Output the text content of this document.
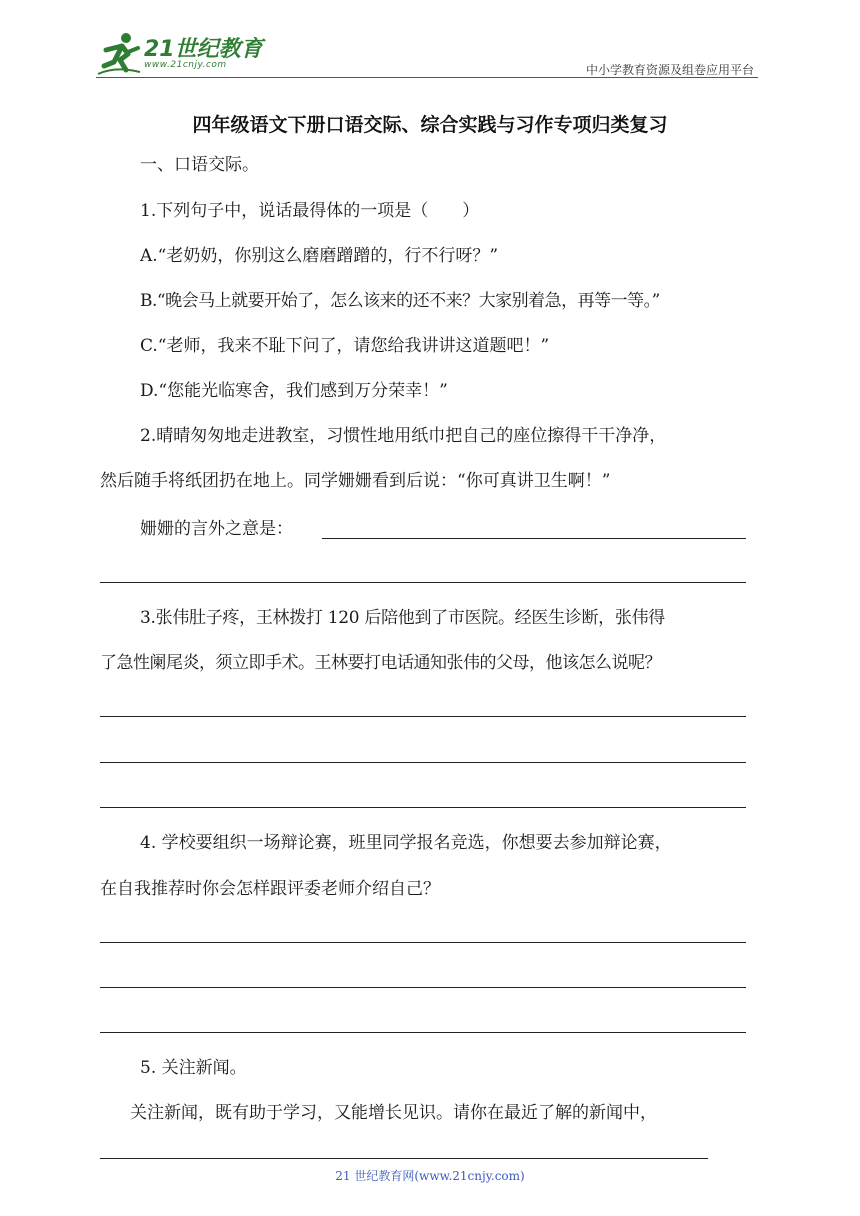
21世纪教育
www.21cnjy.com	中小学教育资源及组卷应用平台
四年级语文下册口语交际、综合实践与习作专项归类复习
一、口语交际。
1.下列句子中，说话最得体的一项是（　　）
A.“老奶奶，你别这么磨磨蹭蹭的，行不行呀？”
B.“晚会马上就要开始了，怎么该来的还不来？大家别着急，再等一等。”
C.“老师，我来不耻下问了，请您给我讲讲这道题吧！”
D.“您能光临寒舍，我们感到万分荣幸！”
2.晴晴匆匆地走进教室，习惯性地用纸巾把自己的座位擦得干干净净，
然后随手将纸团扔在地上。同学姗姗看到后说：“你可真讲卫生啊！”
姗姗的言外之意是：
3.张伟肚子疼，王林拨打 120 后陪他到了市医院。经医生诊断，张伟得
了急性阑尾炎，须立即手术。王林要打电话通知张伟的父母，他该怎么说呢？
4. 学校要组织一场辩论赛，班里同学报名竞选，你想要去参加辩论赛，
在自我推荐时你会怎样跟评委老师介绍自己？
5. 关注新闻。
关注新闻，既有助于学习，又能增长见识。请你在最近了解的新闻中，
21 世纪教育网(www.21cnjy.com)
